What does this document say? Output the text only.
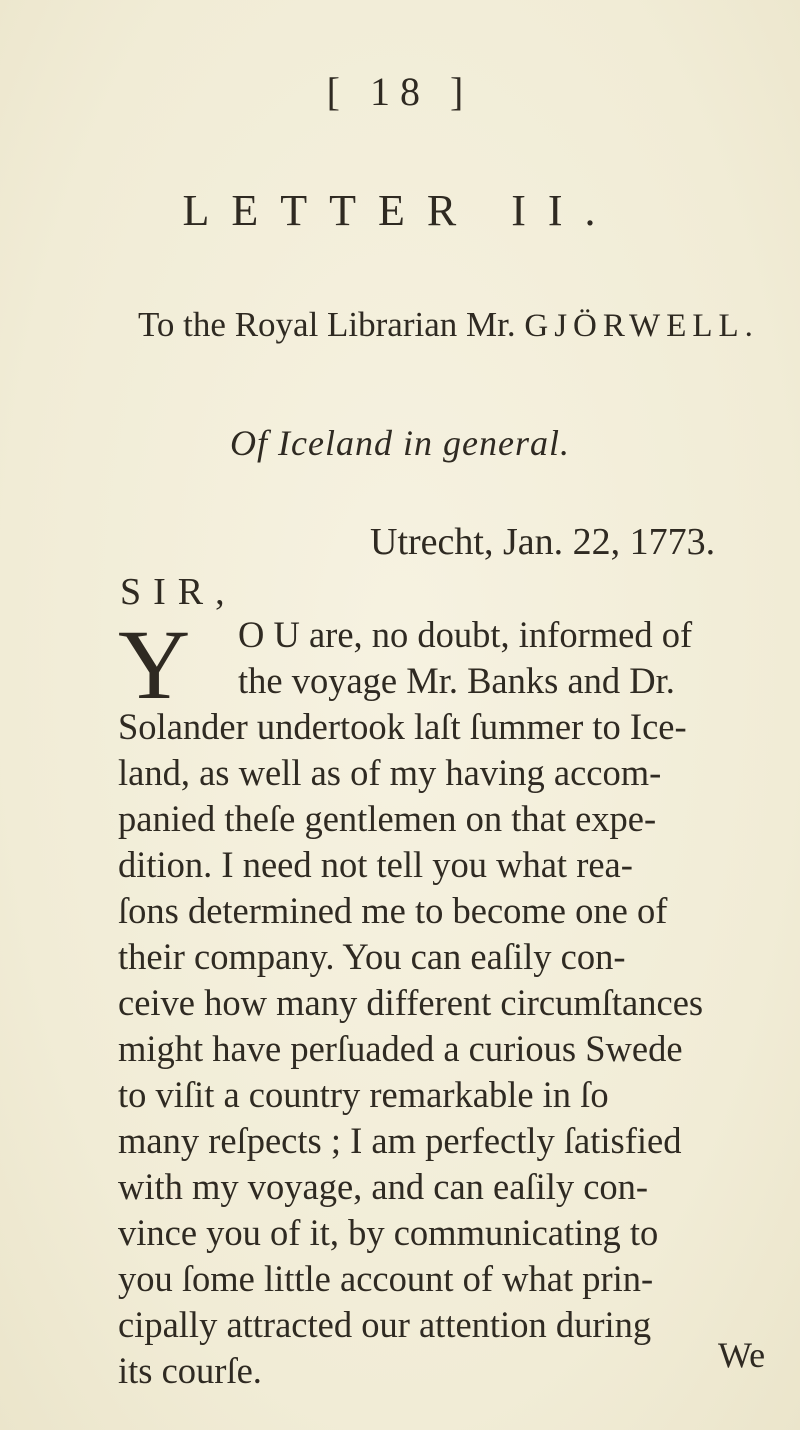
[ 18 ]
LETTER II.
To the Royal Librarian Mr. GJÖRWELL.
Of Iceland in general.
Utrecht, Jan. 22, 1773.
SIR,
Y	O U are, no doubt, informed of
the voyage Mr. Banks and Dr.
Solander undertook laſt ſummer to Ice-
land, as well as of my having accom-
panied theſe gentlemen on that expe-
dition. I need not tell you what rea-
ſons determined me to become one of
their company. You can eaſily con-
ceive how many different circumſtances
might have perſuaded a curious Swede
to viſit a country remarkable in ſo
many reſpects ; I am perfectly ſatisfied
with my voyage, and can eaſily con-
vince you of it, by communicating to
you ſome little account of what prin-
cipally attracted our attention during
its courſe.	We
